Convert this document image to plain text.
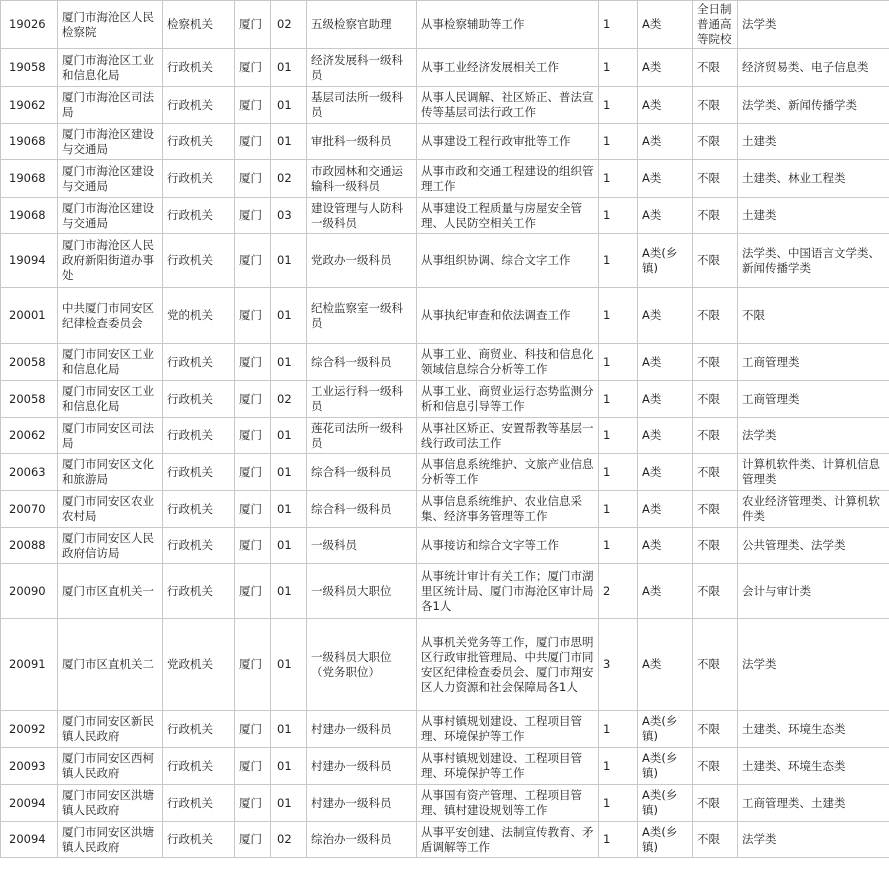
19026	厦门市海沧区人民检察院	检察机关	厦门	02	五级检察官助理	从事检察辅助等工作	1	A类	全日制普通高等院校	法学类
19058	厦门市海沧区工业和信息化局	行政机关	厦门	01	经济发展科一级科员	从事工业经济发展相关工作	1	A类	不限	经济贸易类、电子信息类
19062	厦门市海沧区司法局	行政机关	厦门	01	基层司法所一级科员	从事人民调解、社区矫正、普法宣传等基层司法行政工作	1	A类	不限	法学类、新闻传播学类
19068	厦门市海沧区建设与交通局	行政机关	厦门	01	审批科一级科员	从事建设工程行政审批等工作	1	A类	不限	土建类
19068	厦门市海沧区建设与交通局	行政机关	厦门	02	市政园林和交通运输科一级科员	从事市政和交通工程建设的组织管理工作	1	A类	不限	土建类、林业工程类
19068	厦门市海沧区建设与交通局	行政机关	厦门	03	建设管理与人防科一级科员	从事建设工程质量与房屋安全管理、人民防空相关工作	1	A类	不限	土建类
19094	厦门市海沧区人民政府新阳街道办事处	行政机关	厦门	01	党政办一级科员	从事组织协调、综合文字工作	1	A类(乡镇)	不限	法学类、中国语言文学类、新闻传播学类
20001	中共厦门市同安区纪律检查委员会	党的机关	厦门	01	纪检监察室一级科员	从事执纪审查和依法调查工作	1	A类	不限	不限
20058	厦门市同安区工业和信息化局	行政机关	厦门	01	综合科一级科员	从事工业、商贸业、科技和信息化领域信息综合分析等工作	1	A类	不限	工商管理类
20058	厦门市同安区工业和信息化局	行政机关	厦门	02	工业运行科一级科员	从事工业、商贸业运行态势监测分析和信息引导等工作	1	A类	不限	工商管理类
20062	厦门市同安区司法局	行政机关	厦门	01	莲花司法所一级科员	从事社区矫正、安置帮教等基层一线行政司法工作	1	A类	不限	法学类
20063	厦门市同安区文化和旅游局	行政机关	厦门	01	综合科一级科员	从事信息系统维护、文旅产业信息分析等工作	1	A类	不限	计算机软件类、计算机信息管理类
20070	厦门市同安区农业农村局	行政机关	厦门	01	综合科一级科员	从事信息系统维护、农业信息采集、经济事务管理等工作	1	A类	不限	农业经济管理类、计算机软件类
20088	厦门市同安区人民政府信访局	行政机关	厦门	01	一级科员	从事接访和综合文字等工作	1	A类	不限	公共管理类、法学类
20090	厦门市区直机关一	行政机关	厦门	01	一级科员大职位	从事统计审计有关工作；厦门市湖里区统计局、厦门市海沧区审计局各1人	2	A类	不限	会计与审计类
20091	厦门市区直机关二	党政机关	厦门	01	一级科员大职位（党务职位）	从事机关党务等工作，厦门市思明区行政审批管理局、中共厦门市同安区纪律检查委员会、厦门市翔安区人力资源和社会保障局各1人	3	A类	不限	法学类
20092	厦门市同安区新民镇人民政府	行政机关	厦门	01	村建办一级科员	从事村镇规划建设、工程项目管理、环境保护等工作	1	A类(乡镇)	不限	土建类、环境生态类
20093	厦门市同安区西柯镇人民政府	行政机关	厦门	01	村建办一级科员	从事村镇规划建设、工程项目管理、环境保护等工作	1	A类(乡镇)	不限	土建类、环境生态类
20094	厦门市同安区洪塘镇人民政府	行政机关	厦门	01	村建办一级科员	从事国有资产管理、工程项目管理、镇村建设规划等工作	1	A类(乡镇)	不限	工商管理类、土建类
20094	厦门市同安区洪塘镇人民政府	行政机关	厦门	02	综治办一级科员	从事平安创建、法制宣传教育、矛盾调解等工作	1	A类(乡镇)	不限	法学类
